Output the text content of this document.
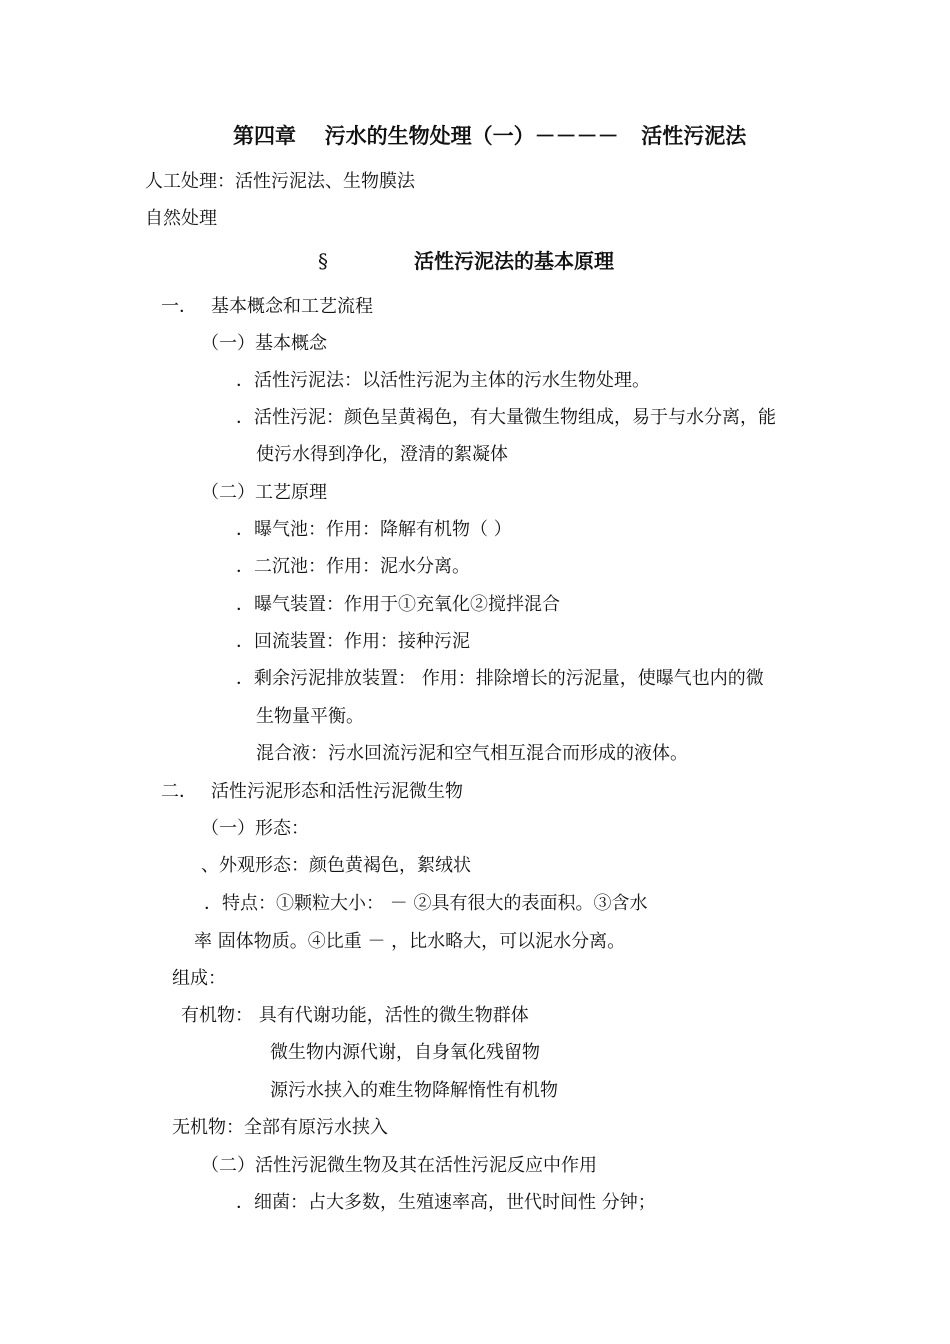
第四章 污水的生物处理（一）－－－－ 活性污泥法
人工处理：活性污泥法、生物膜法
自然处理
§	活性污泥法的基本原理
一． 基本概念和工艺流程
（一）基本概念
．活性污泥法：以活性污泥为主体的污水生物处理。
．活性污泥：颜色呈黄褐色，有大量微生物组成，易于与水分离，能
使污水得到净化，澄清的絮凝体
（二）工艺原理
．曝气池：作用：降解有机物（ ）
．二沉池：作用：泥水分离。
．曝气装置：作用于①充氧化②搅拌混合
．回流装置：作用：接种污泥
．剩余污泥排放装置： 作用：排除增长的污泥量，使曝气也内的微
生物量平衡。
混合液：污水回流污泥和空气相互混合而形成的液体。
二． 活性污泥形态和活性污泥微生物
（一）形态：
、外观形态：颜色黄褐色，絮绒状
．特点：①颗粒大小： － ②具有很大的表面积。③含水
率 固体物质。④比重 － ，比水略大，可以泥水分离。
组成：
有机物： 具有代谢功能，活性的微生物群体
微生物内源代谢，自身氧化残留物
源污水挟入的难生物降解惰性有机物
无机物：全部有原污水挟入
（二）活性污泥微生物及其在活性污泥反应中作用
．细菌：占大多数，生殖速率高，世代时间性 分钟；
